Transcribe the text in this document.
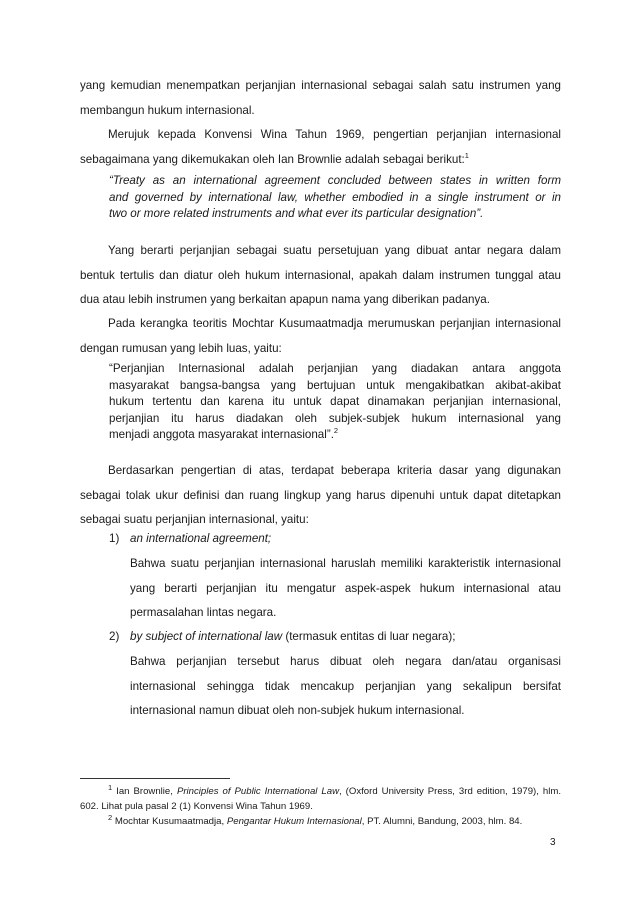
yang kemudian menempatkan perjanjian internasional sebagai salah satu instrumen yang

membangun hukum internasional.

Merujuk kepada Konvensi Wina Tahun 1969, pengertian perjanjian internasional

sebagaimana yang dikemukakan oleh Ian Brownlie adalah sebagai berikut:$^1$

“Treaty as an international agreement concluded between states in written form
and governed by international law, whether embodied in a single instrument or in
two or more related instruments and what ever its particular designation”.

Yang berarti perjanjian sebagai suatu persetujuan yang dibuat antar negara dalam

bentuk tertulis dan diatur oleh hukum internasional, apakah dalam instrumen tunggal atau

dua atau lebih instrumen yang berkaitan apapun nama yang diberikan padanya.

Pada kerangka teoritis Mochtar Kusumaatmadja merumuskan perjanjian internasional

dengan rumusan yang lebih luas, yaitu:

“Perjanjian Internasional adalah perjanjian yang diadakan antara anggota
masyarakat bangsa-bangsa yang bertujuan untuk mengakibatkan akibat-akibat
hukum tertentu dan karena itu untuk dapat dinamakan perjanjian internasional,
perjanjian itu harus diadakan oleh subjek-subjek hukum internasional yang
menjadi anggota masyarakat internasional”.$^2$

Berdasarkan pengertian di atas, terdapat beberapa kriteria dasar yang digunakan

sebagai tolak ukur definisi dan ruang lingkup yang harus dipenuhi untuk dapat ditetapkan

sebagai suatu perjanjian internasional, yaitu:

1) an international agreement;
Bahwa suatu perjanjian internasional haruslah memiliki karakteristik internasional
yang berarti perjanjian itu mengatur aspek-aspek hukum internasional atau
permasalahan lintas negara.
2) by subject of international law (termasuk entitas di luar negara);
Bahwa perjanjian tersebut harus dibuat oleh negara dan/atau organisasi
internasional sehingga tidak mencakup perjanjian yang sekalipun bersifat
internasional namun dibuat oleh non-subjek hukum internasional.
$^1$ Ian Brownlie, Principles of Public International Law, (Oxford University Press, 3rd edition, 1979), hlm.
602. Lihat pula pasal 2 (1) Konvensi Wina Tahun 1969.
$^2$ Mochtar Kusumaatmadja, Pengantar Hukum Internasional, PT. Alumni, Bandung, 2003, hlm. 84.
3
